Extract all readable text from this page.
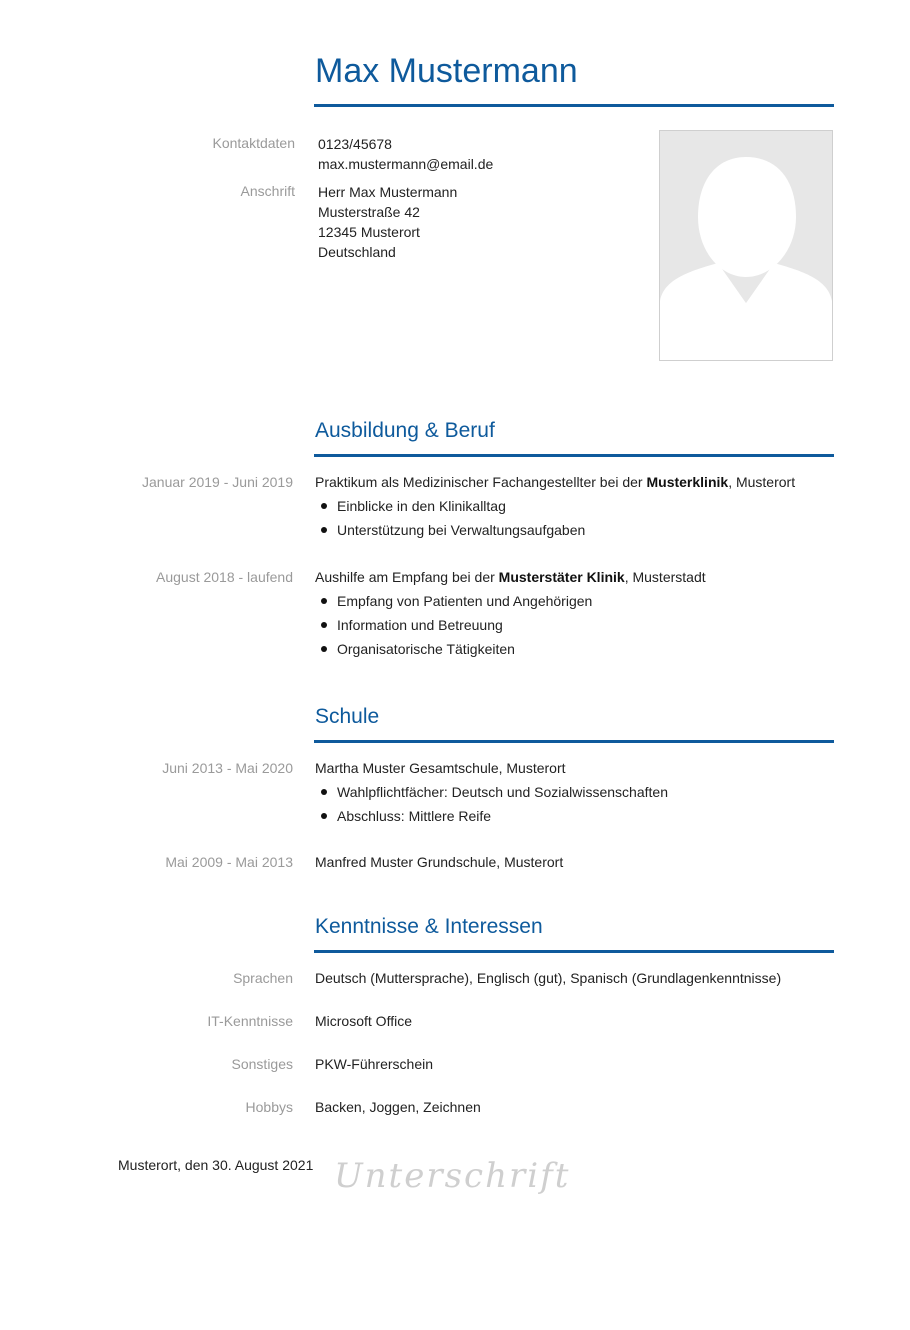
Max Mustermann
Kontaktdaten 0123/45678
max.mustermann@email.de
Anschrift Herr Max Mustermann
Musterstraße 42
12345 Musterort
Deutschland
Ausbildung & Beruf
Januar 2019 - Juni 2019 Praktikum als Medizinischer Fachangestellter bei der Musterklinik, Musterort
Einblicke in den Klinikalltag
Unterstützung bei Verwaltungsaufgaben
August 2018 - laufend Aushilfe am Empfang bei der Musterstäter Klinik, Musterstadt
Empfang von Patienten und Angehörigen
Information und Betreuung
Organisatorische Tätigkeiten
Schule
Juni 2013 - Mai 2020 Martha Muster Gesamtschule, Musterort
Wahlpflichtfächer: Deutsch und Sozialwissenschaften
Abschluss: Mittlere Reife
Mai 2009 - Mai 2013 Manfred Muster Grundschule, Musterort
Kenntnisse & Interessen
Sprachen Deutsch (Muttersprache), Englisch (gut), Spanisch (Grundlagenkenntnisse)
IT-Kenntnisse Microsoft Office
Sonstiges PKW-Führerschein
Hobbys Backen, Joggen, Zeichnen
Musterort, den 30. August 2021 Unterschrift
